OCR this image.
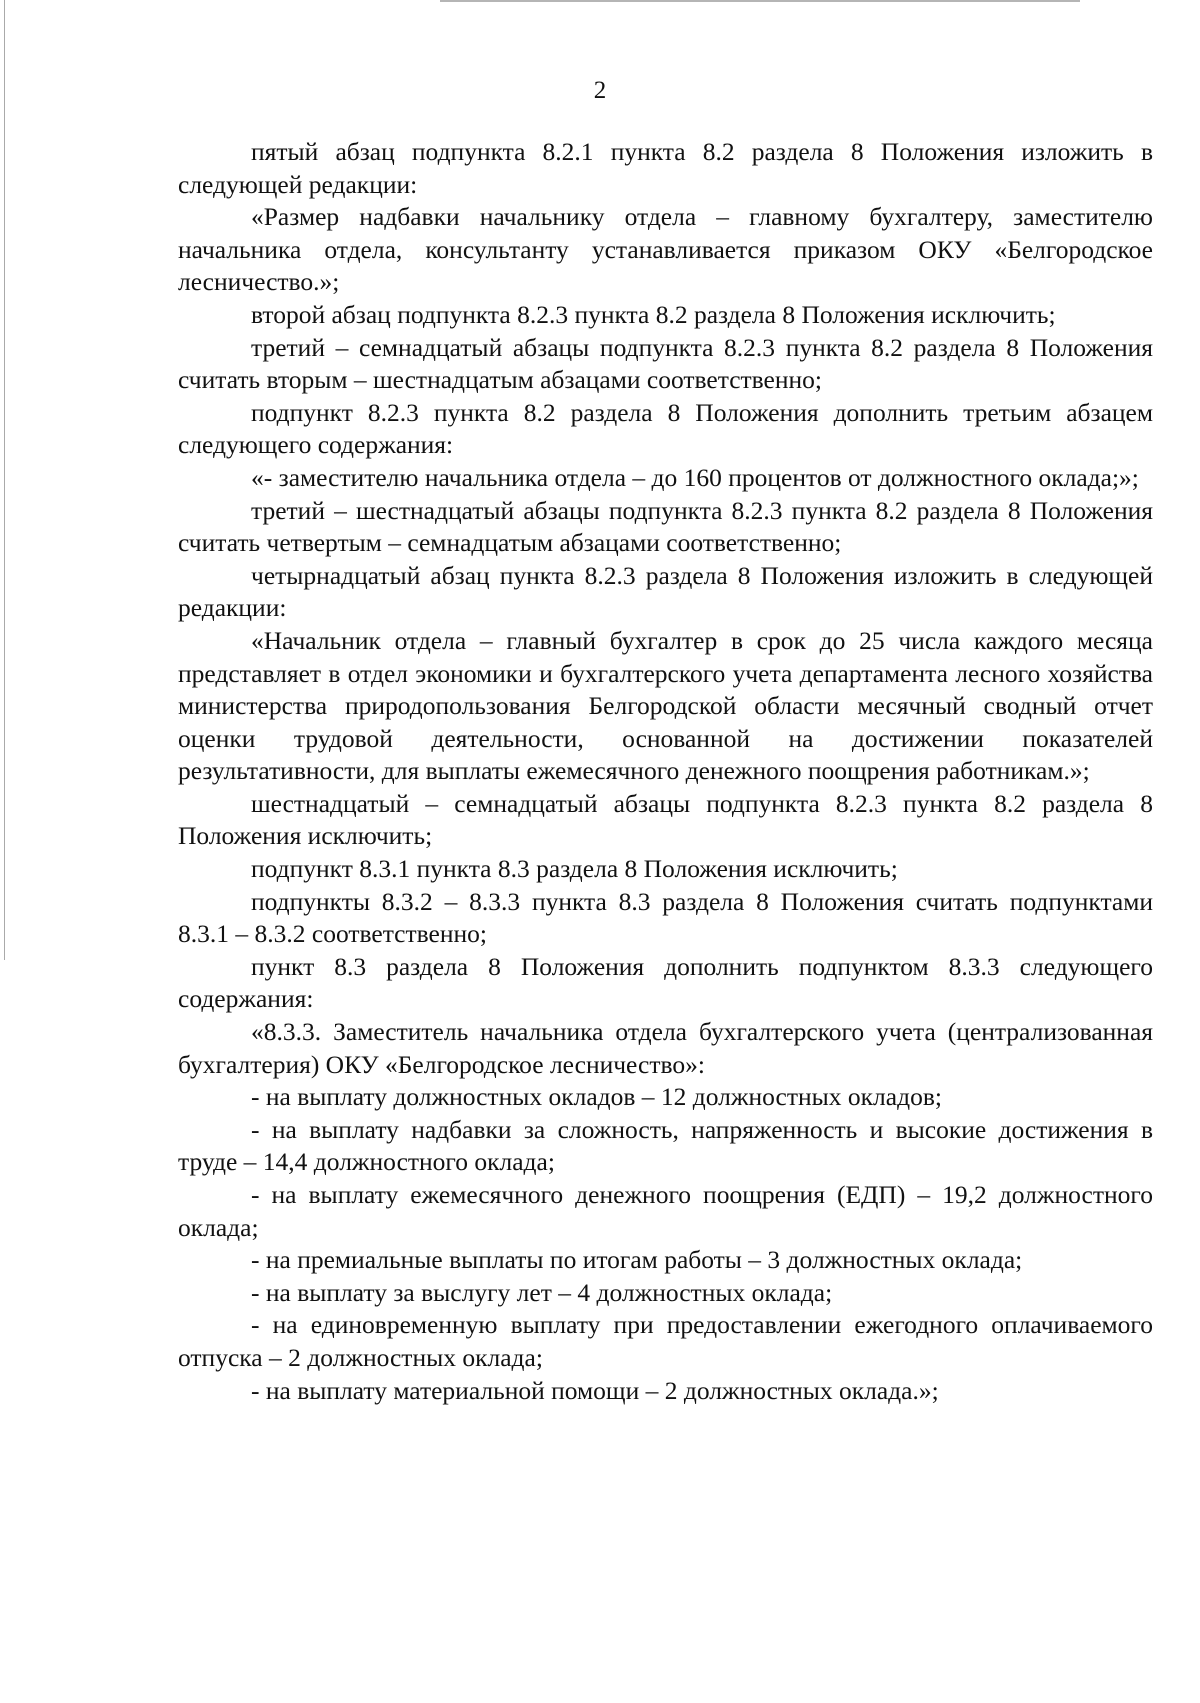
2

пятый абзац подпункта 8.2.1 пункта 8.2 раздела 8 Положения изложить в следующей редакции:

«Размер надбавки начальнику отдела – главному бухгалтеру, заместителю начальника отдела, консультанту устанавливается приказом ОКУ «Белгородское лесничество.»;

второй абзац подпункта 8.2.3 пункта 8.2 раздела 8 Положения исключить;

третий – семнадцатый абзацы подпункта 8.2.3 пункта 8.2 раздела 8 Положения считать вторым – шестнадцатым абзацами соответственно;

подпункт 8.2.3 пункта 8.2 раздела 8 Положения дополнить третьим абзацем следующего содержания:

«- заместителю начальника отдела – до 160 процентов от должностного оклада;»;

третий – шестнадцатый абзацы подпункта 8.2.3 пункта 8.2 раздела 8 Положения считать четвертым – семнадцатым абзацами соответственно;

четырнадцатый абзац пункта 8.2.3 раздела 8 Положения изложить в следующей редакции:

«Начальник отдела – главный бухгалтер в срок до 25 числа каждого месяца представляет в отдел экономики и бухгалтерского учета департамента лесного хозяйства министерства природопользования Белгородской области месячный сводный отчет оценки трудовой деятельности, основанной на достижении показателей результативности, для выплаты ежемесячного денежного поощрения работникам.»;

шестнадцатый – семнадцатый абзацы подпункта 8.2.3 пункта 8.2 раздела 8 Положения исключить;

подпункт 8.3.1 пункта 8.3 раздела 8 Положения исключить;

подпункты 8.3.2 – 8.3.3 пункта 8.3 раздела 8 Положения считать подпунктами 8.3.1 – 8.3.2 соответственно;

пункт 8.3 раздела 8 Положения дополнить подпунктом 8.3.3 следующего содержания:

«8.3.3. Заместитель начальника отдела бухгалтерского учета (централизованная бухгалтерия) ОКУ «Белгородское лесничество»:

- на выплату должностных окладов – 12 должностных окладов;

- на выплату надбавки за сложность, напряженность и высокие достижения в труде – 14,4 должностного оклада;

- на выплату ежемесячного денежного поощрения (ЕДП) – 19,2 должностного оклада;

- на премиальные выплаты по итогам работы – 3 должностных оклада;

- на выплату за выслугу лет – 4 должностных оклада;

- на единовременную выплату при предоставлении ежегодного оплачиваемого отпуска – 2 должностных оклада;

- на выплату материальной помощи – 2 должностных оклада.»;
